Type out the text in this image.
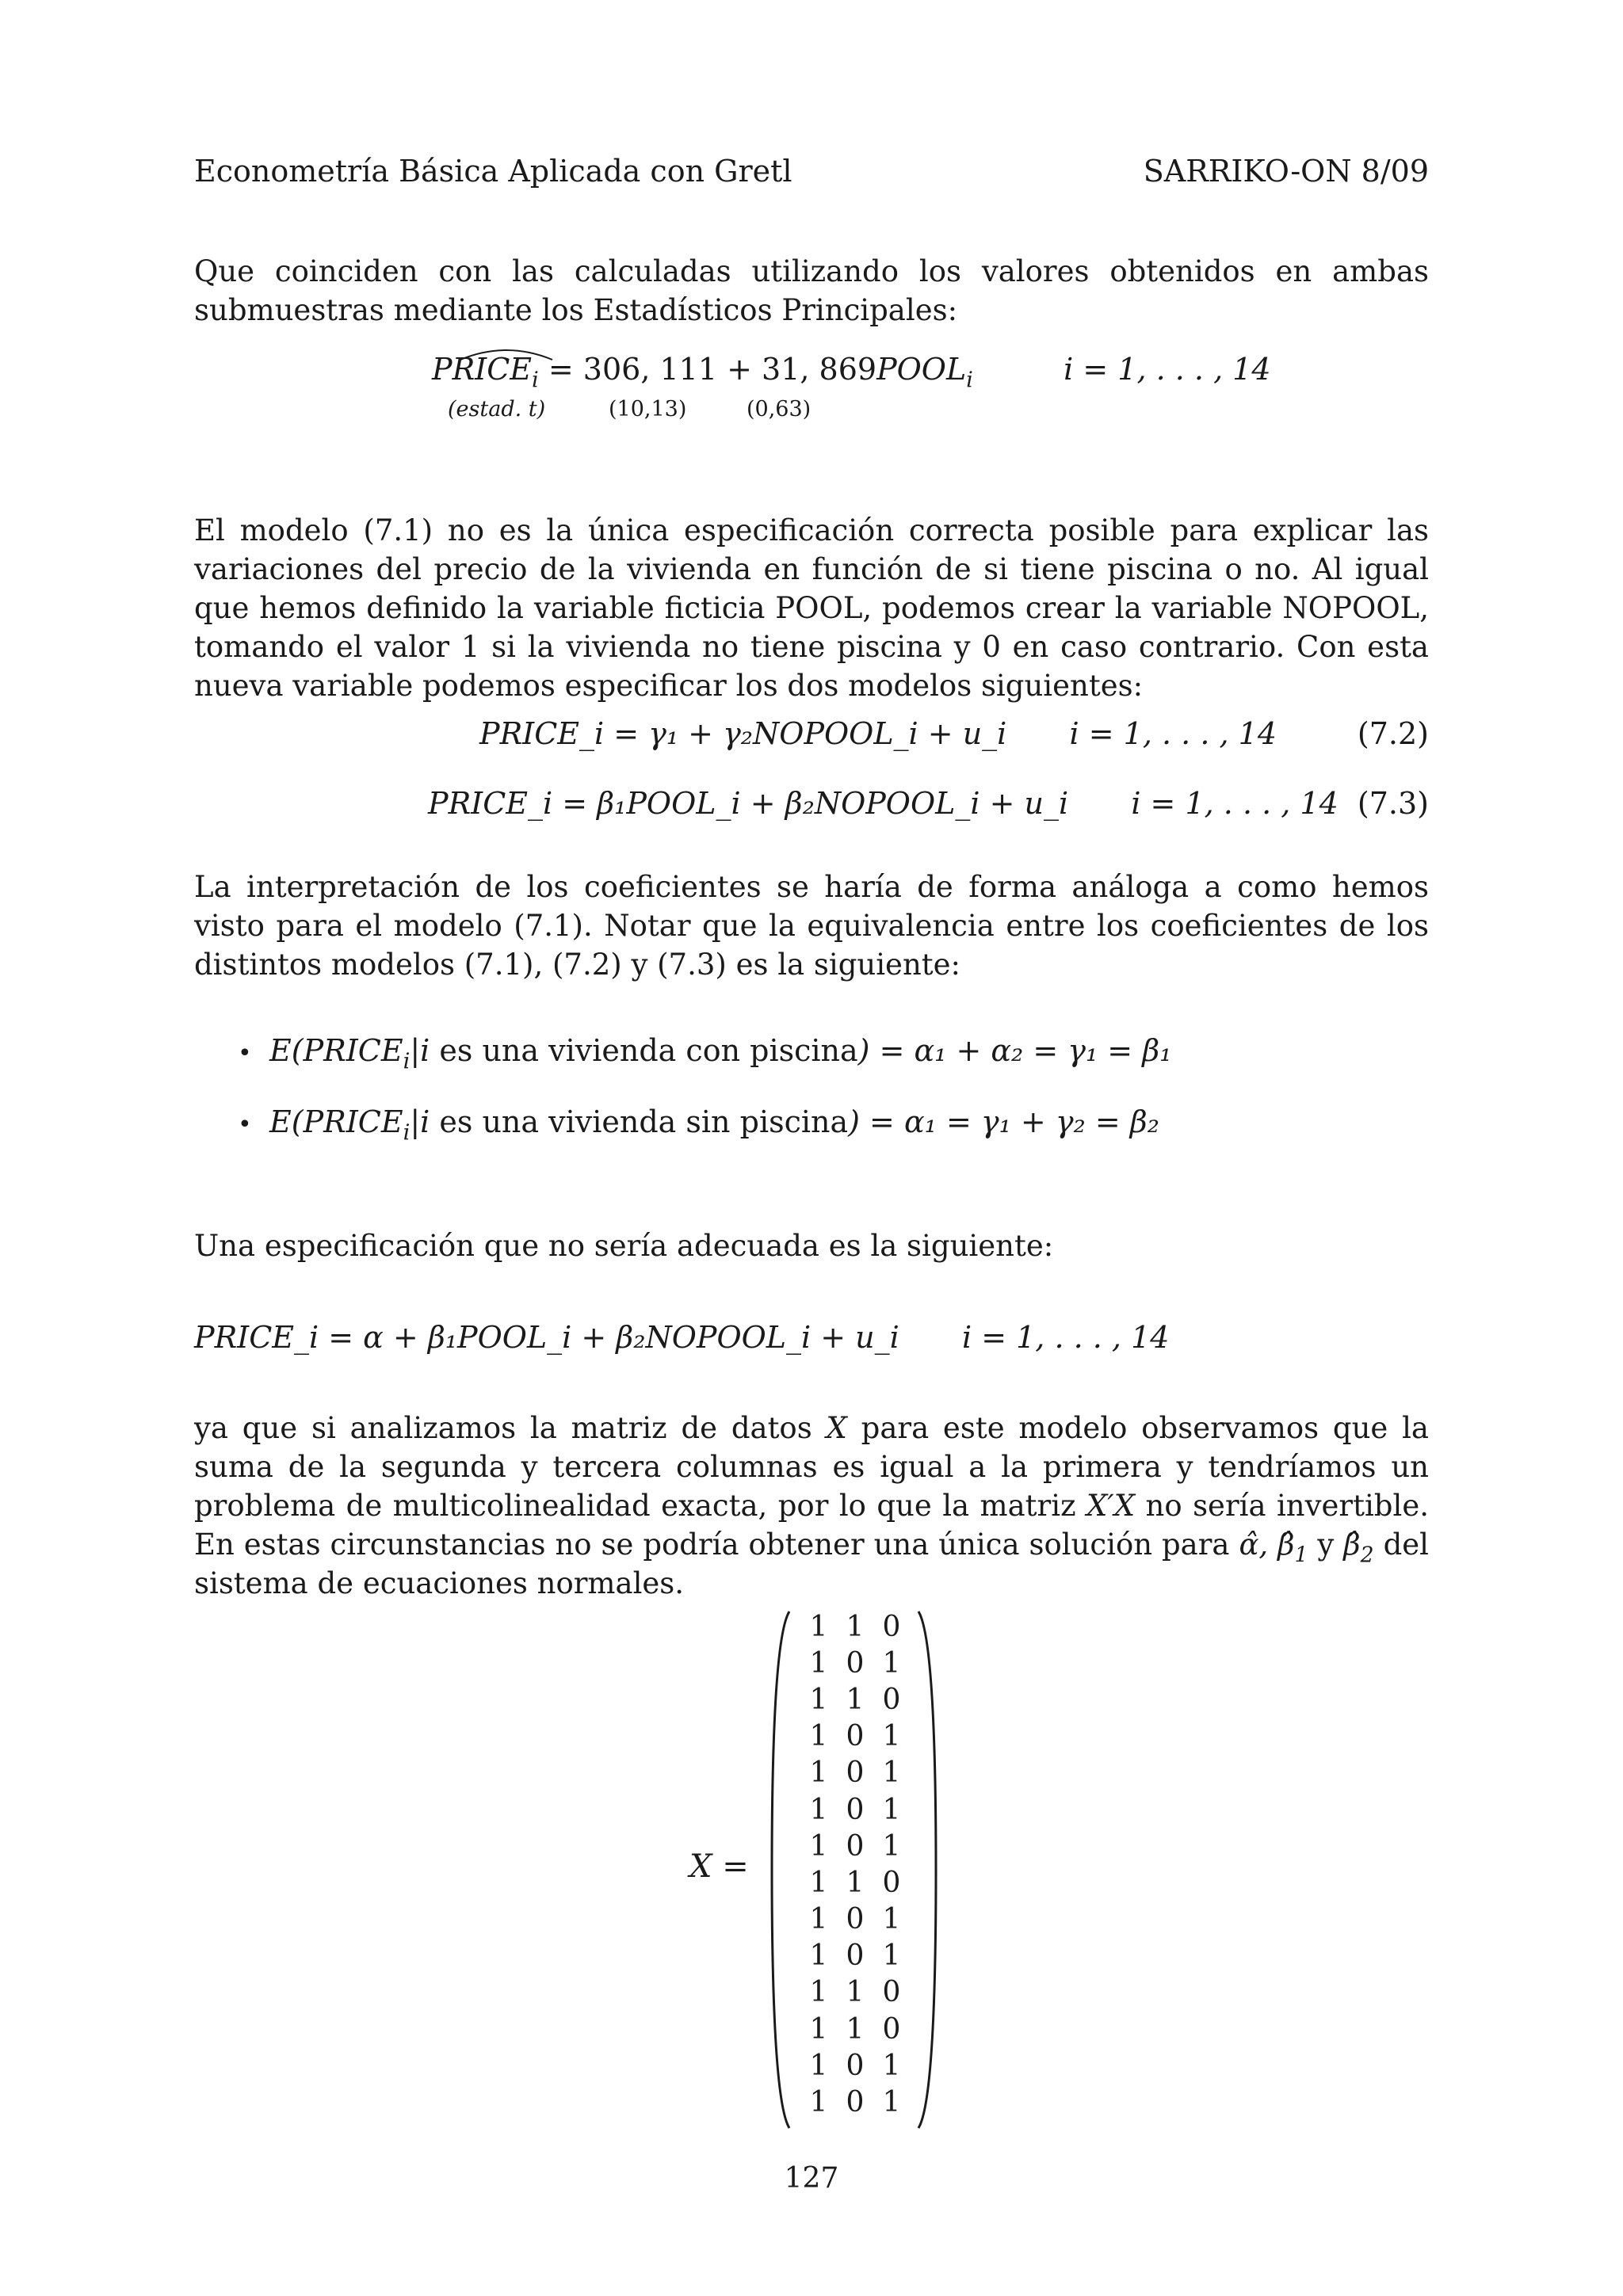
Econometría Básica Aplicada con Gretl	SARRIKO-ON 8/09
Que coinciden con las calculadas utilizando los valores obtenidos en ambas submuestras mediante los Estadísticos Principales:
$PRICE_i = 306$, 111 + 31, $869POOL_i$	i = 1, . . . , 14
(estad. t)	(10,13)	(0,63)
El modelo (7.1) no es la única especificación correcta posible para explicar las variaciones del precio de la vivienda en función de si tiene piscina o no. Al igual que hemos definido la variable ficticia POOL, podemos crear la variable NOPOOL, tomando el valor 1 si la vivienda no tiene piscina y 0 en caso contrario. Con esta nueva variable podemos especificar los dos modelos siguientes:
PRICE_i = γ₁ + γ₂NOPOOL_i + u_i i = 1, . . . , 14	(7.2)
PRICE_i = β₁POOL_i + β₂NOPOOL_i + u_i i = 1, . . . , 14 (7.3)
La interpretación de los coeficientes se haría de forma análoga a como hemos visto para el modelo (7.1). Notar que la equivalencia entre los coeficientes de los distintos modelos (7.1), (7.2) y (7.3) es la siguiente:
• $E(PRICE_i|i$ es una vivienda con piscina) = α₁ + α₂ = γ₁ = β₁
• $E(PRICE_i|i$ es una vivienda sin piscina) = α₁ = γ₁ + γ₂ = β₂
Una especificación que no sería adecuada es la siguiente:
PRICE_i = α + β₁POOL_i + β₂NOPOOL_i + u_i i = 1, . . . , 14
ya que si analizamos la matriz de datos X para este modelo observamos que la suma de la segunda y tercera columnas es igual a la primera y tendríamos un problema de multicolinealidad exacta, por lo que la matriz X′X no sería invertible. En estas circunstancias no se podría obtener una única solución para α̂, $\betâ_1$ y $\betâ_2$ del sistema de ecuaciones normales.
X =
1 1 0
1 0 1
1 1 0
1 0 1
1 0 1
1 0 1
1 0 1
1 1 0
1 0 1
1 0 1
1 1 0
1 1 0
1 0 1
1 0 1
127
